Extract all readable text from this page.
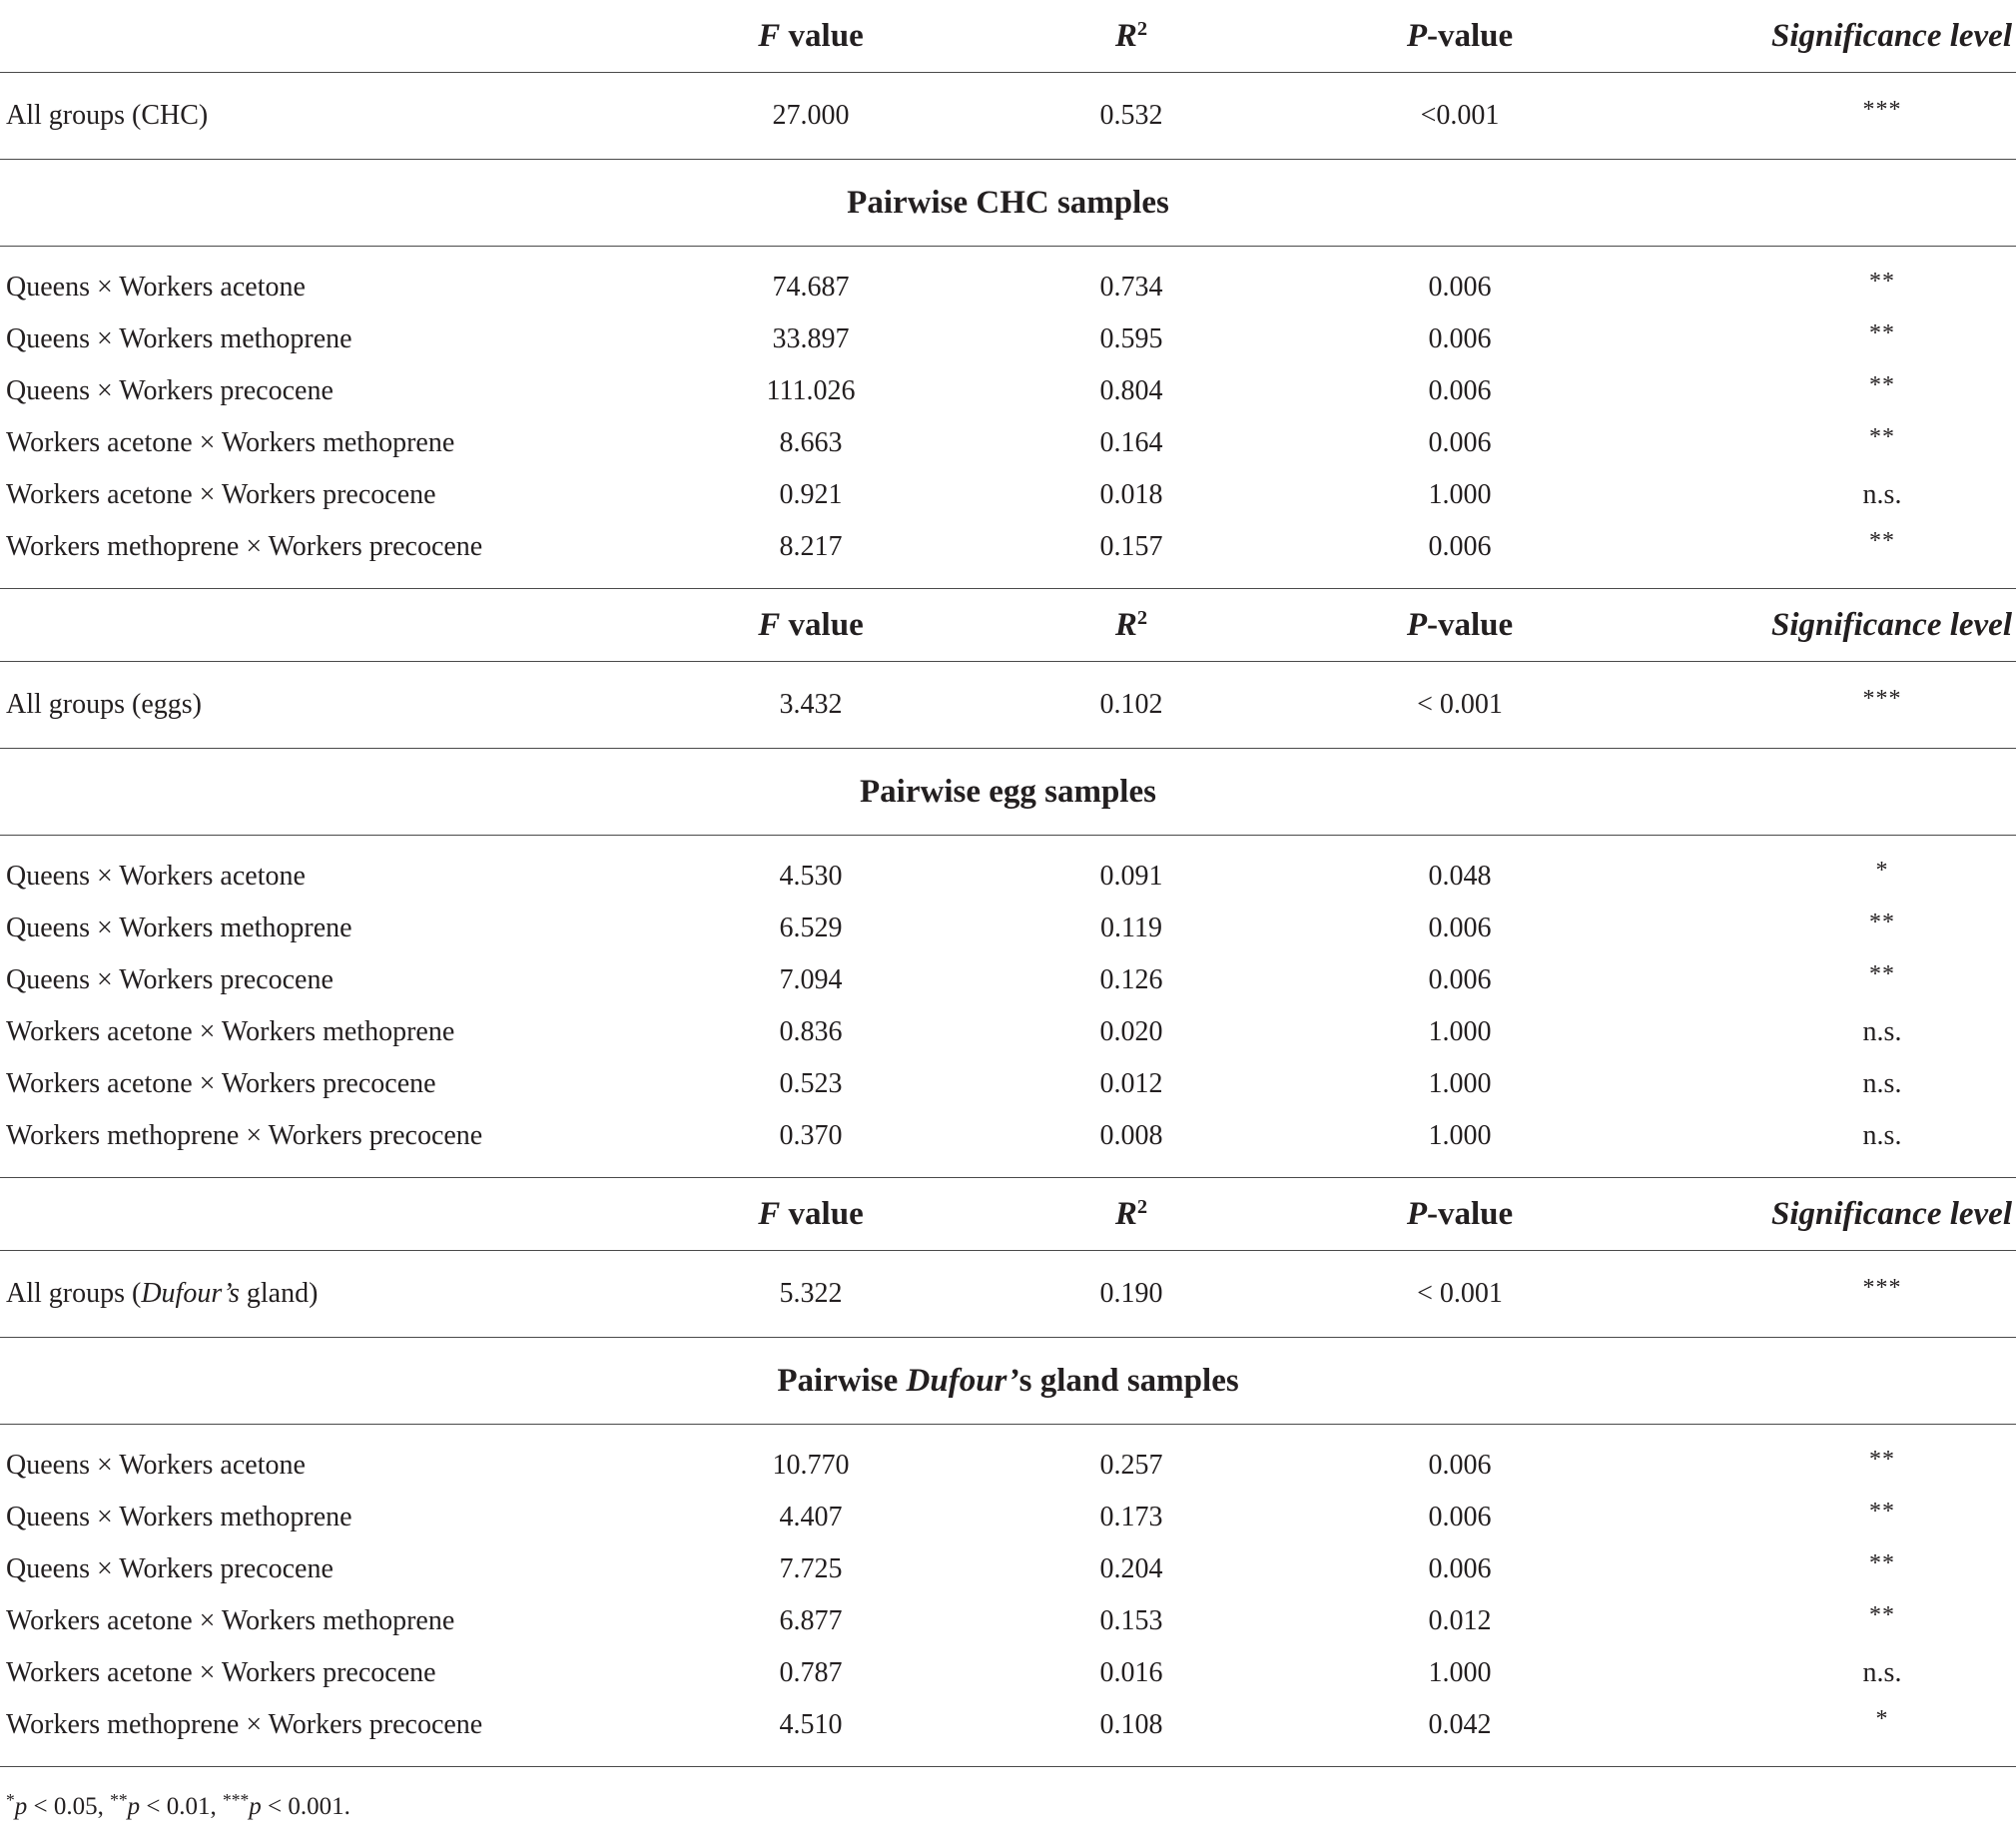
F value	$R^2$	P-value	Significance level
All groups (CHC)	27.000	0.532	<0.001	***
Pairwise CHC samples
Queens × Workers acetone	74.687	0.734	0.006	**
Queens × Workers methoprene	33.897	0.595	0.006	**
Queens × Workers precocene	111.026	0.804	0.006	**
Workers acetone × Workers methoprene	8.663	0.164	0.006	**
Workers acetone × Workers precocene	0.921	0.018	1.000	n.s.
Workers methoprene × Workers precocene	8.217	0.157	0.006	**
F value	$R^2$	P-value	Significance level
All groups (eggs)	3.432	0.102	< 0.001	***
Pairwise egg samples
Queens × Workers acetone	4.530	0.091	0.048	*
Queens × Workers methoprene	6.529	0.119	0.006	**
Queens × Workers precocene	7.094	0.126	0.006	**
Workers acetone × Workers methoprene	0.836	0.020	1.000	n.s.
Workers acetone × Workers precocene	0.523	0.012	1.000	n.s.
Workers methoprene × Workers precocene	0.370	0.008	1.000	n.s.
F value	$R^2$	P-value	Significance level
All groups (Dufour’s gland)	5.322	0.190	< 0.001	***
Pairwise Dufour’ s gland samples
Queens × Workers acetone	10.770	0.257	0.006	**
Queens × Workers methoprene	4.407	0.173	0.006	**
Queens × Workers precocene	7.725	0.204	0.006	**
Workers acetone × Workers methoprene	6.877	0.153	0.012	**
Workers acetone × Workers precocene	0.787	0.016	1.000	n.s.
Workers methoprene × Workers precocene	4.510	0.108	0.042	*
*p < 0.05, **p < 0.01, ***p < 0.001.
